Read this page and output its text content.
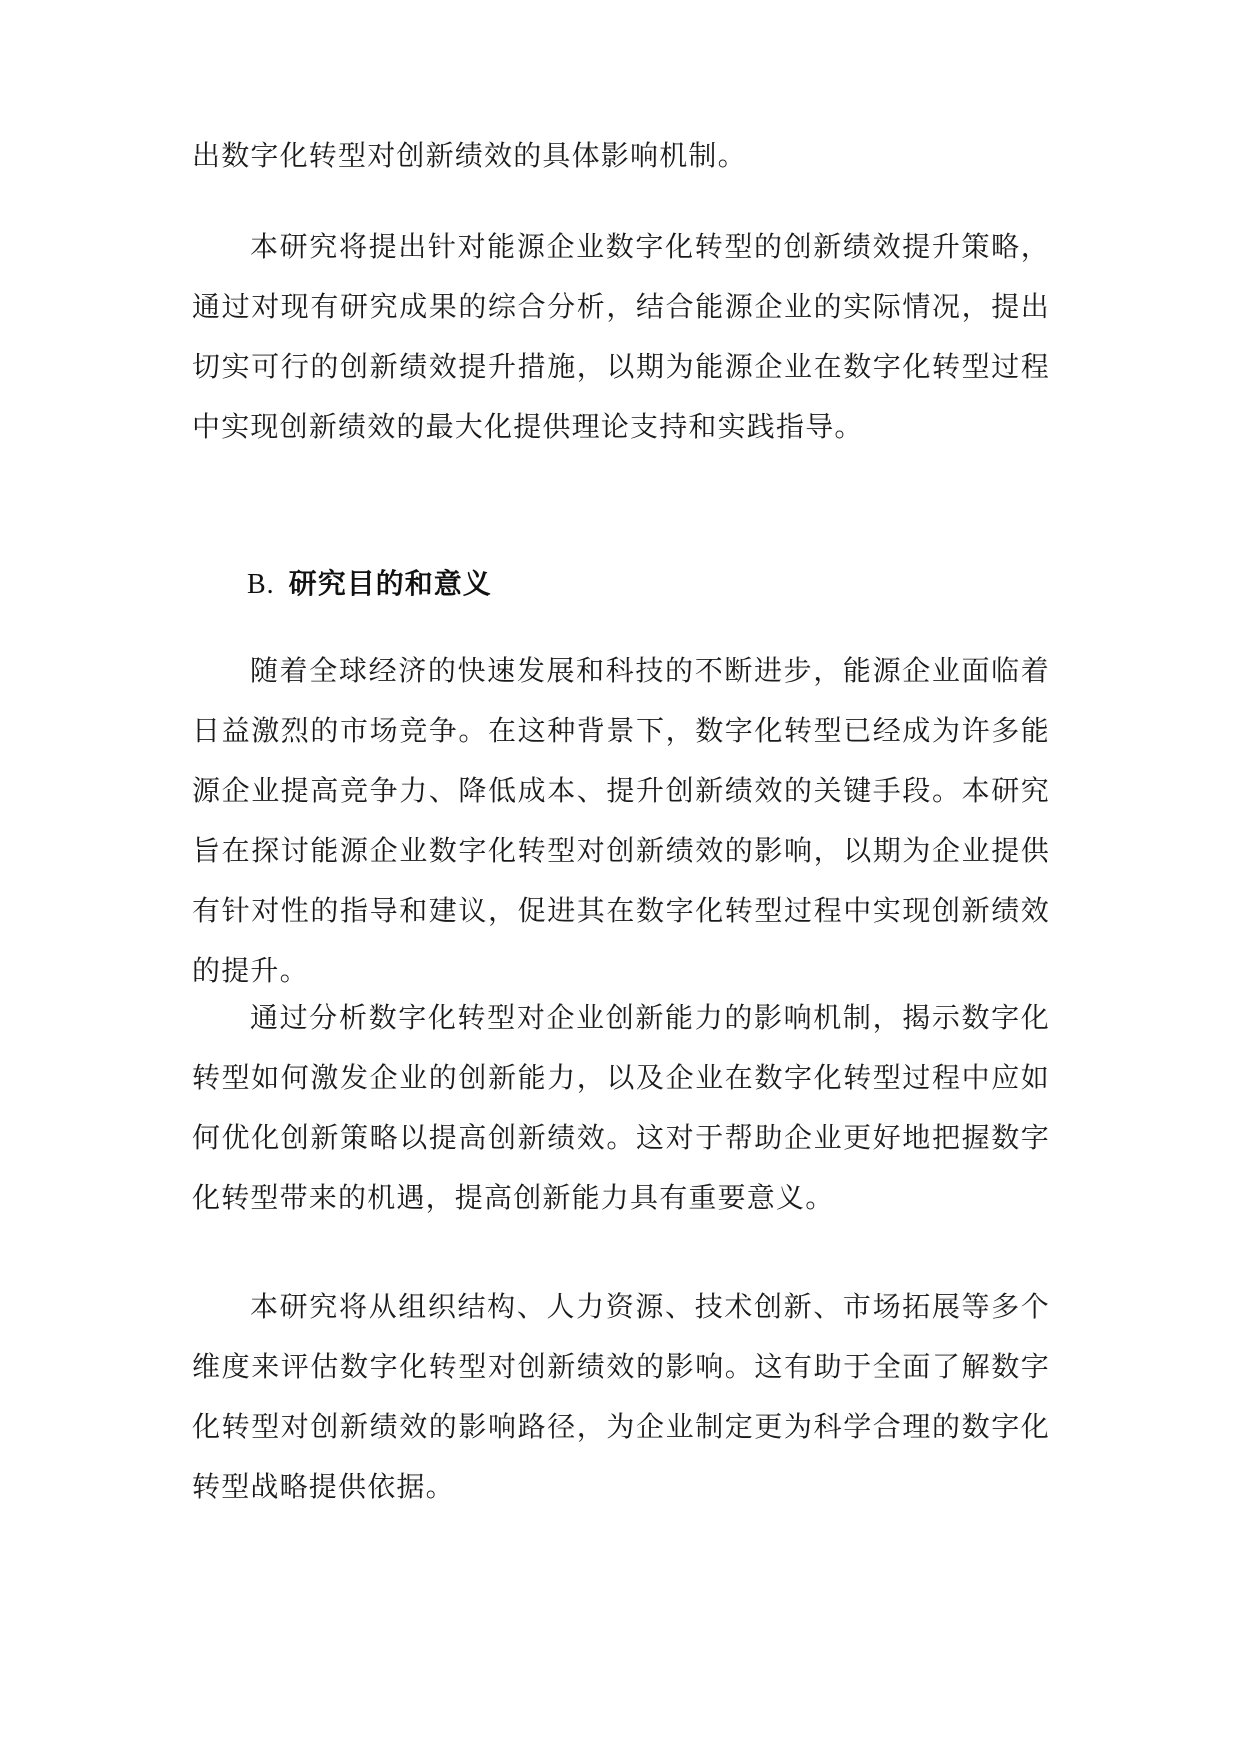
出数字化转型对创新绩效的具体影响机制。

本研究将提出针对能源企业数字化转型的创新绩效提升策略，通过对现有研究成果的综合分析，结合能源企业的实际情况，提出切实可行的创新绩效提升措施，以期为能源企业在数字化转型过程中实现创新绩效的最大化提供理论支持和实践指导。

B. 研究目的和意义

随着全球经济的快速发展和科技的不断进步，能源企业面临着日益激烈的市场竞争。在这种背景下，数字化转型已经成为许多能源企业提高竞争力、降低成本、提升创新绩效的关键手段。本研究旨在探讨能源企业数字化转型对创新绩效的影响，以期为企业提供有针对性的指导和建议，促进其在数字化转型过程中实现创新绩效的提升。

通过分析数字化转型对企业创新能力的影响机制，揭示数字化转型如何激发企业的创新能力，以及企业在数字化转型过程中应如何优化创新策略以提高创新绩效。这对于帮助企业更好地把握数字化转型带来的机遇，提高创新能力具有重要意义。

本研究将从组织结构、人力资源、技术创新、市场拓展等多个维度来评估数字化转型对创新绩效的影响。这有助于全面了解数字化转型对创新绩效的影响路径，为企业制定更为科学合理的数字化转型战略提供依据。
